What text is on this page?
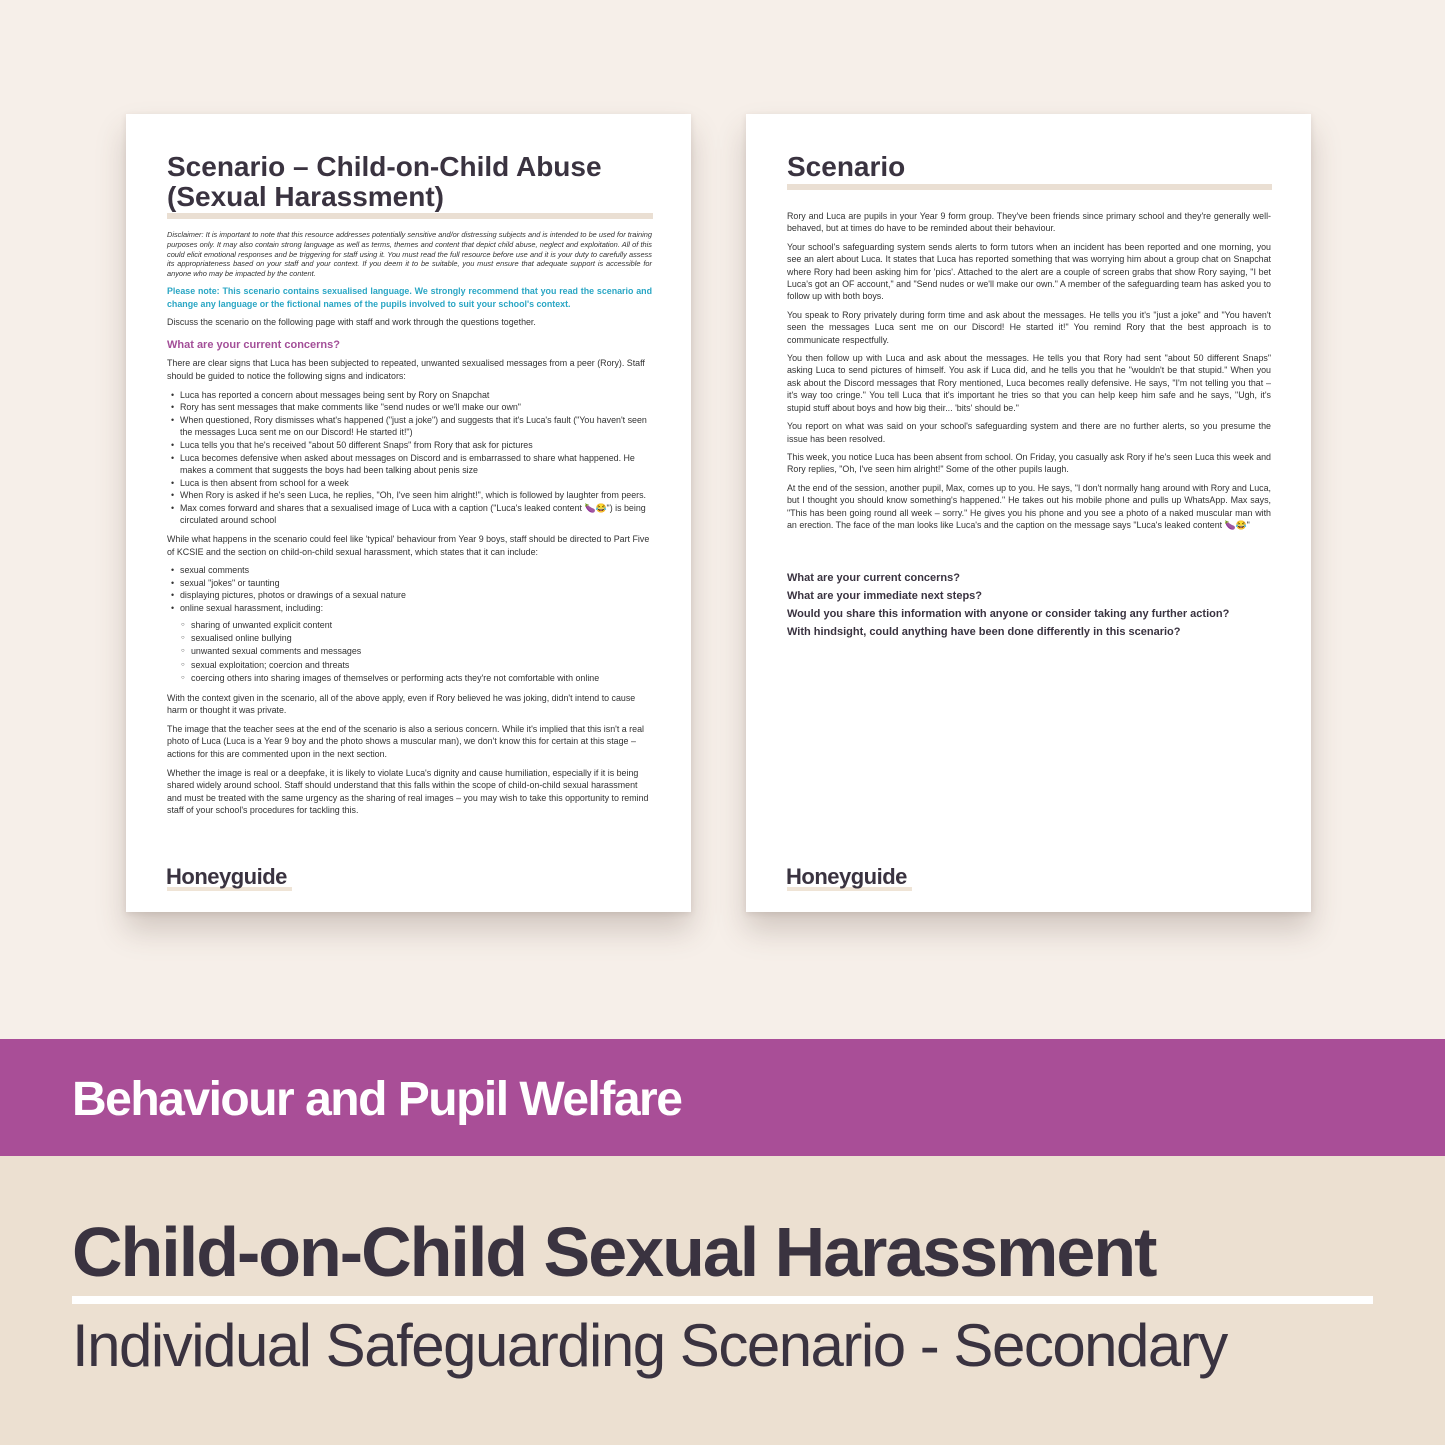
Scenario – Child-on-Child Abuse
(Sexual Harassment)

Disclaimer: It is important to note that this resource addresses potentially sensitive and/or distressing subjects and is intended to be used for training purposes only. It may also contain strong language as well as terms, themes and content that depict child abuse, neglect and exploitation. All of this could elicit emotional responses and be triggering for staff using it. You must read the full resource before use and it is your duty to carefully assess its appropriateness based on your staff and your context. If you deem it to be suitable, you must ensure that adequate support is accessible for anyone who may be impacted by the content.

Please note: This scenario contains sexualised language. We strongly recommend that you read the scenario and change any language or the fictional names of the pupils involved to suit your school's context.

Discuss the scenario on the following page with staff and work through the questions together.

What are your current concerns?

There are clear signs that Luca has been subjected to repeated, unwanted sexualised messages from a peer (Rory). Staff should be guided to notice the following signs and indicators:

• Luca has reported a concern about messages being sent by Rory on Snapchat
• Rory has sent messages that make comments like "send nudes or we'll make our own"
• When questioned, Rory dismisses what's happened ("just a joke") and suggests that it's Luca's fault ("You haven't seen the messages Luca sent me on our Discord! He started it!")
• Luca tells you that he's received "about 50 different Snaps" from Rory that ask for pictures
• Luca becomes defensive when asked about messages on Discord and is embarrassed to share what happened. He makes a comment that suggests the boys had been talking about penis size
• Luca is then absent from school for a week
• When Rory is asked if he's seen Luca, he replies, "Oh, I've seen him alright!", which is followed by laughter from peers.
• Max comes forward and shares that a sexualised image of Luca with a caption ("Luca's leaked content 🍆😂") is being circulated around school

While what happens in the scenario could feel like 'typical' behaviour from Year 9 boys, staff should be directed to Part Five of KCSIE and the section on child-on-child sexual harassment, which states that it can include:

• sexual comments
• sexual "jokes" or taunting
• displaying pictures, photos or drawings of a sexual nature
• online sexual harassment, including:
○ sharing of unwanted explicit content
○ sexualised online bullying
○ unwanted sexual comments and messages
○ sexual exploitation; coercion and threats
○ coercing others into sharing images of themselves or performing acts they're not comfortable with online

With the context given in the scenario, all of the above apply, even if Rory believed he was joking, didn't intend to cause harm or thought it was private.

The image that the teacher sees at the end of the scenario is also a serious concern. While it's implied that this isn't a real photo of Luca (Luca is a Year 9 boy and the photo shows a muscular man), we don't know this for certain at this stage – actions for this are commented upon in the next section.

Whether the image is real or a deepfake, it is likely to violate Luca's dignity and cause humiliation, especially if it is being shared widely around school. Staff should understand that this falls within the scope of child-on-child sexual harassment and must be treated with the same urgency as the sharing of real images – you may wish to take this opportunity to remind staff of your school's procedures for tackling this.

Honeyguide
Scenario

Rory and Luca are pupils in your Year 9 form group. They've been friends since primary school and they're generally well-behaved, but at times do have to be reminded about their behaviour.

Your school's safeguarding system sends alerts to form tutors when an incident has been reported and one morning, you see an alert about Luca. It states that Luca has reported something that was worrying him about a group chat on Snapchat where Rory had been asking him for 'pics'. Attached to the alert are a couple of screen grabs that show Rory saying, "I bet Luca's got an OF account," and "Send nudes or we'll make our own." A member of the safeguarding team has asked you to follow up with both boys.

You speak to Rory privately during form time and ask about the messages. He tells you it's "just a joke" and "You haven't seen the messages Luca sent me on our Discord! He started it!" You remind Rory that the best approach is to communicate respectfully.

You then follow up with Luca and ask about the messages. He tells you that Rory had sent "about 50 different Snaps" asking Luca to send pictures of himself. You ask if Luca did, and he tells you that he "wouldn't be that stupid." When you ask about the Discord messages that Rory mentioned, Luca becomes really defensive. He says, "I'm not telling you that – it's way too cringe." You tell Luca that it's important he tries so that you can help keep him safe and he says, "Ugh, it's stupid stuff about boys and how big their... 'bits' should be."

You report on what was said on your school's safeguarding system and there are no further alerts, so you presume the issue has been resolved.

This week, you notice Luca has been absent from school. On Friday, you casually ask Rory if he's seen Luca this week and Rory replies, "Oh, I've seen him alright!" Some of the other pupils laugh.

At the end of the session, another pupil, Max, comes up to you. He says, "I don't normally hang around with Rory and Luca, but I thought you should know something's happened." He takes out his mobile phone and pulls up WhatsApp. Max says, "This has been going round all week – sorry." He gives you his phone and you see a photo of a naked muscular man with an erection. The face of the man looks like Luca's and the caption on the message says "Luca's leaked content 🍆😂"

What are your current concerns?
What are your immediate next steps?
Would you share this information with anyone or consider taking any further action?
With hindsight, could anything have been done differently in this scenario?
Honeyguide
Behaviour and Pupil Welfare
Child-on-Child Sexual Harassment
Individual Safeguarding Scenario - Secondary
